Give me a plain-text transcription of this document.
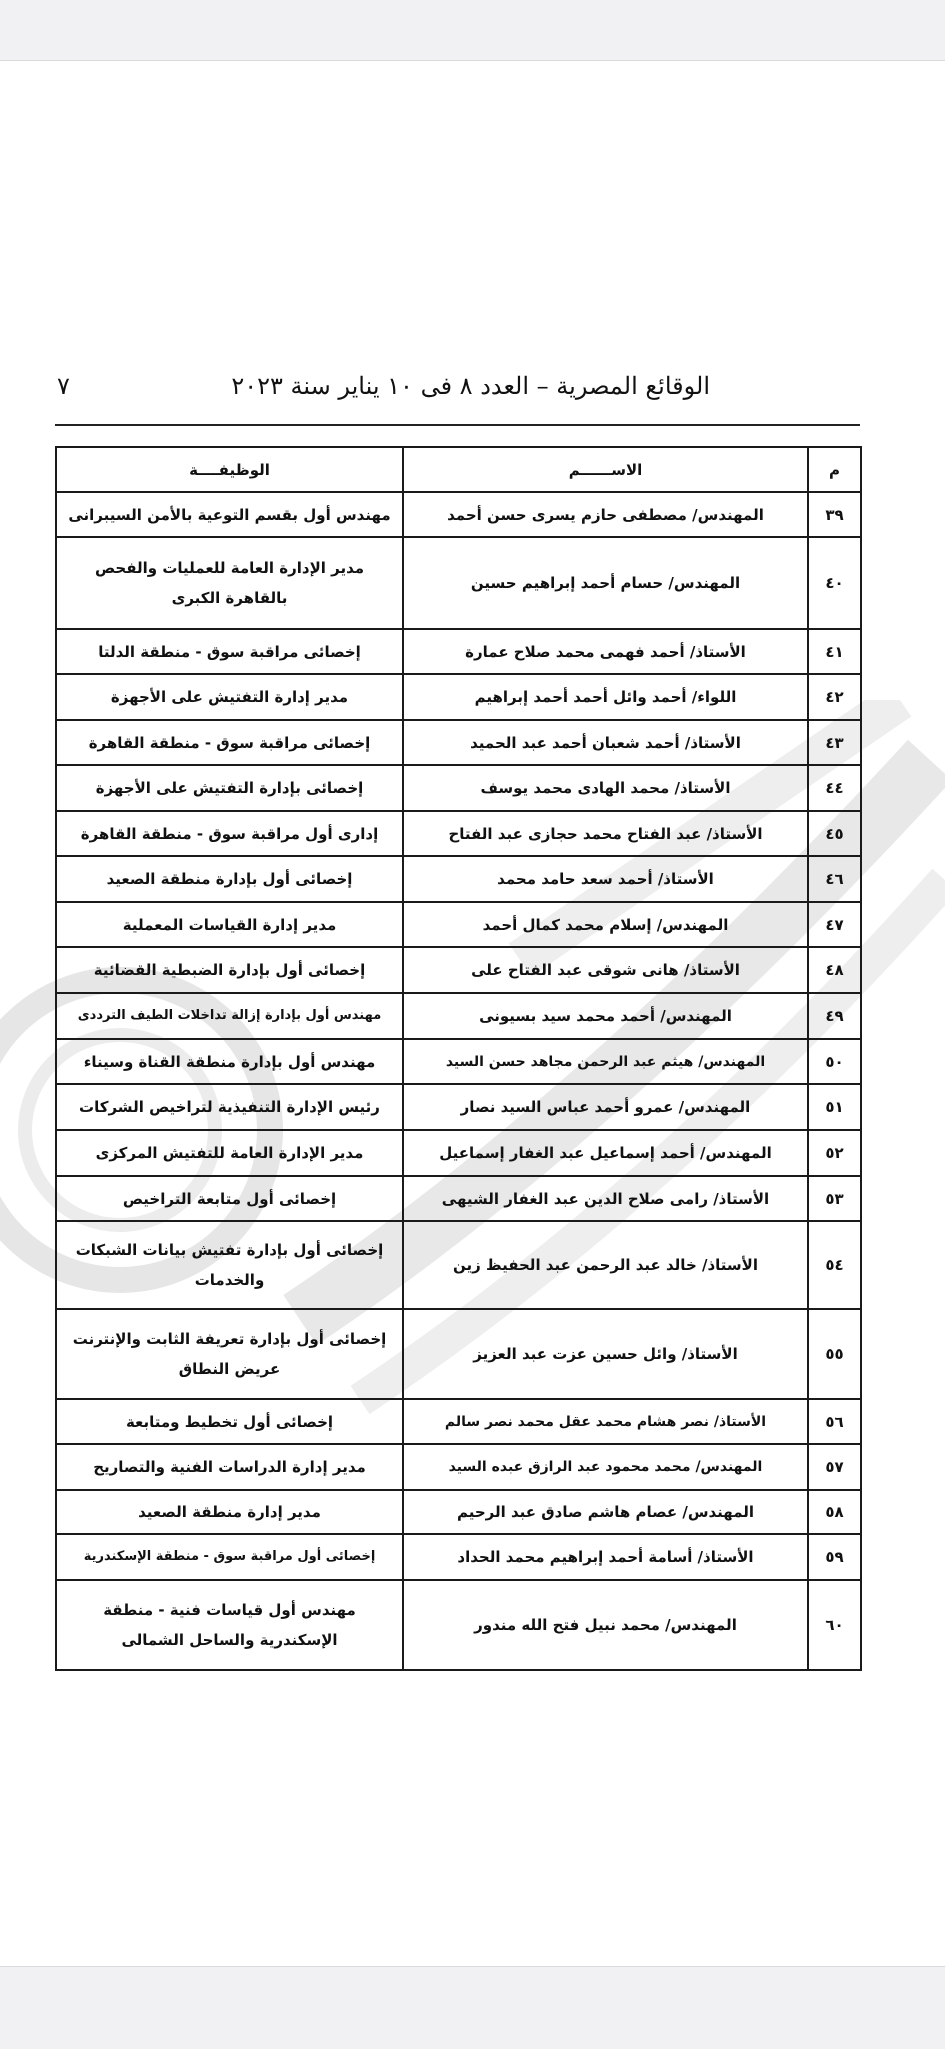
الوقائع المصرية – العدد ٨ فى ١٠ يناير سنة ٢٠٢٣
٧
م	الاســــــم	الوظيفــــة
٣٩	المهندس/ مصطفى حازم يسرى حسن أحمد	مهندس أول بقسم التوعية بالأمن السيبرانى
٤٠	المهندس/ حسام أحمد إبراهيم حسين	مدير الإدارة العامة للعمليات والفحص بالقاهرة الكبرى
٤١	الأستاذ/ أحمد فهمى محمد صلاح عمارة	إخصائى مراقبة سوق - منطقة الدلتا
٤٢	اللواء/ أحمد وائل أحمد أحمد إبراهيم	مدير إدارة التفتيش على الأجهزة
٤٣	الأستاذ/ أحمد شعبان أحمد عبد الحميد	إخصائى مراقبة سوق - منطقة القاهرة
٤٤	الأستاذ/ محمد الهادى محمد يوسف	إخصائى بإدارة التفتيش على الأجهزة
٤٥	الأستاذ/ عبد الفتاح محمد حجازى عبد الفتاح	إدارى أول مراقبة سوق - منطقة القاهرة
٤٦	الأستاذ/ أحمد سعد حامد محمد	إخصائى أول بإدارة منطقة الصعيد
٤٧	المهندس/ إسلام محمد كمال أحمد	مدير إدارة القياسات المعملية
٤٨	الأستاذ/ هانى شوقى عبد الفتاح على	إخصائى أول بإدارة الضبطية القضائية
٤٩	المهندس/ أحمد محمد سيد بسيونى	مهندس أول بإدارة إزالة تداخلات الطيف الترددى
٥٠	المهندس/ هيثم عبد الرحمن مجاهد حسن السيد	مهندس أول بإدارة منطقة القناة وسيناء
٥١	المهندس/ عمرو أحمد عباس السيد نصار	رئيس الإدارة التنفيذية لتراخيص الشركات
٥٢	المهندس/ أحمد إسماعيل عبد الغفار إسماعيل	مدير الإدارة العامة للتفتيش المركزى
٥٣	الأستاذ/ رامى صلاح الدين عبد الغفار الشيهى	إخصائى أول متابعة التراخيص
٥٤	الأستاذ/ خالد عبد الرحمن عبد الحفيظ زين	إخصائى أول بإدارة تفتيش بيانات الشبكات والخدمات
٥٥	الأستاذ/ وائل حسين عزت عبد العزيز	إخصائى أول بإدارة تعريفة الثابت والإنترنت عريض النطاق
٥٦	الأستاذ/ نصر هشام محمد عقل محمد نصر سالم	إخصائى أول تخطيط ومتابعة
٥٧	المهندس/ محمد محمود عبد الرازق عبده السيد	مدير إدارة الدراسات الفنية والتصاريح
٥٨	المهندس/ عصام هاشم صادق عبد الرحيم	مدير إدارة منطقة الصعيد
٥٩	الأستاذ/ أسامة أحمد إبراهيم محمد الحداد	إخصائى أول مراقبة سوق - منطقة الإسكندرية
٦٠	المهندس/ محمد نبيل فتح الله مندور	مهندس أول قياسات فنية - منطقة الإسكندرية والساحل الشمالى
